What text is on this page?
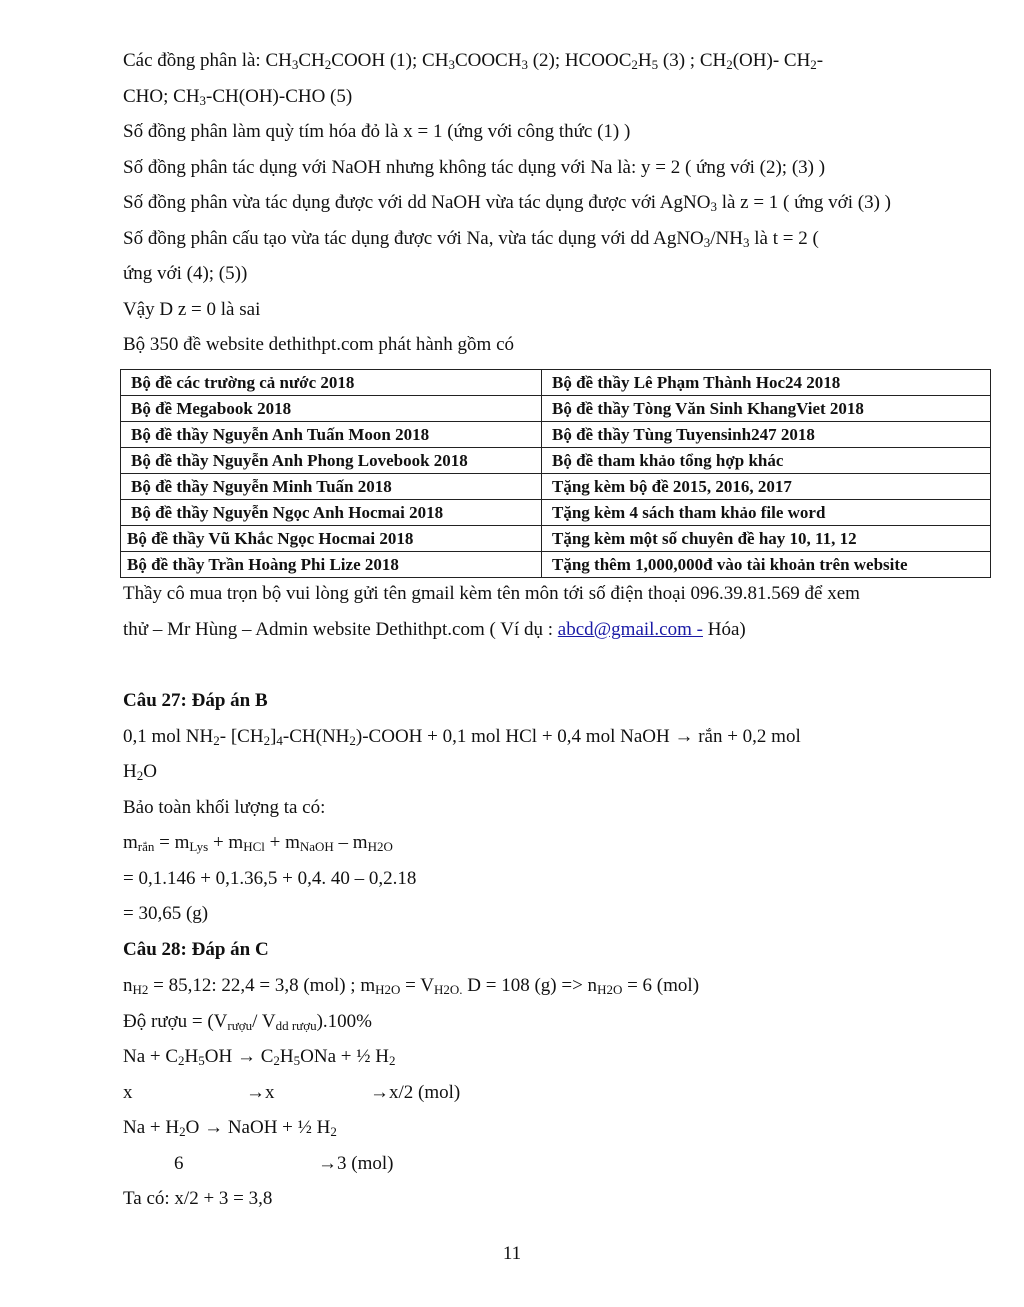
Các đồng phân là: $CH_3CH_2COOH$ (1); $CH_3COOCH_3$ (2); $HCOOC_2H_5$ (3) ; $CH_2(OH)-$ $CH_2-$
CHO; $CH_3-CH(OH)$-CHO (5)
Số đồng phân làm quỳ tím hóa đỏ là x = 1 (ứng với công thức (1) )
Số đồng phân tác dụng với NaOH nhưng không tác dụng với Na là: y = 2 ( ứng với (2); (3) )
Số đồng phân vừa tác dụng được với dd NaOH vừa tác dụng được với AgNO$_3$ là z = 1 ( ứng với (3) )
Số đồng phân cấu tạo vừa tác dụng được với Na, vừa tác dụng với dd $AgNO_3/NH_3$ là t = 2 (
ứng với (4); (5))
Vậy D z = 0 là sai
Bộ 350 đề website dethithpt.com phát hành gồm có
Bộ đề các trường cả nước 2018	Bộ đề thầy Lê Phạm Thành Hoc24 2018
Bộ đề Megabook 2018	Bộ đề thầy Tòng Văn Sinh KhangViet 2018
Bộ đề thầy Nguyễn Anh Tuấn Moon 2018	Bộ đề thầy Tùng Tuyensinh247 2018
Bộ đề thầy Nguyễn Anh Phong Lovebook 2018	Bộ đề tham khảo tổng hợp khác
Bộ đề thầy Nguyễn Minh Tuấn 2018	Tặng kèm bộ đề 2015, 2016, 2017
Bộ đề thầy Nguyễn Ngọc Anh Hocmai 2018	Tặng kèm 4 sách tham khảo file word
Bộ đề thầy Vũ Khắc Ngọc Hocmai 2018	Tặng kèm một số chuyên đề hay 10, 11, 12
Bộ đề thầy Trần Hoàng Phi Lize 2018	Tặng thêm 1,000,000đ vào tài khoản trên website
Thầy cô mua trọn bộ vui lòng gửi tên gmail kèm tên môn tới số điện thoại 096.39.81.569 để xem
thử – Mr Hùng – Admin website Dethithpt.com ( Ví dụ : abcd@gmail.com - Hóa)
Câu 27: Đáp án B
0,1 mol $NH_2-$ $[CH_2]_4-CH(NH_2)$-COOH + 0,1 mol HCl + 0,4 mol NaOH → rắn + 0,2 mol
$H_2O$
Bảo toàn khối lượng ta có:
$m_{rắn} = m_{Lys} + m_{HCl} + m_{NaOH} - m_{H2O}$
= 0,1.146 + 0,1.36,5 + 0,4. 40 – 0,2.18
= 30,65 (g)
Câu 28: Đáp án C
$n_{H2} = 85,12$: 22,4 = 3,8 (mol) ; $m_{H2O} = V_{H2O.}$ D = 108 $(g) => n_{H2O} = 6$ (mol)
Độ rượu = ($V_{rượu}/$ $V_{dd rượu}).100\%$
$Na + C_2H_5OH \to C_2H_5ONa$ + ½ $H_2$
x	→x	→x/2 (mol)
$Na + H_2O$ → NaOH + ½ $H_2$
6	→3 (mol)
Ta có: x/2 + 3 = 3,8
11
